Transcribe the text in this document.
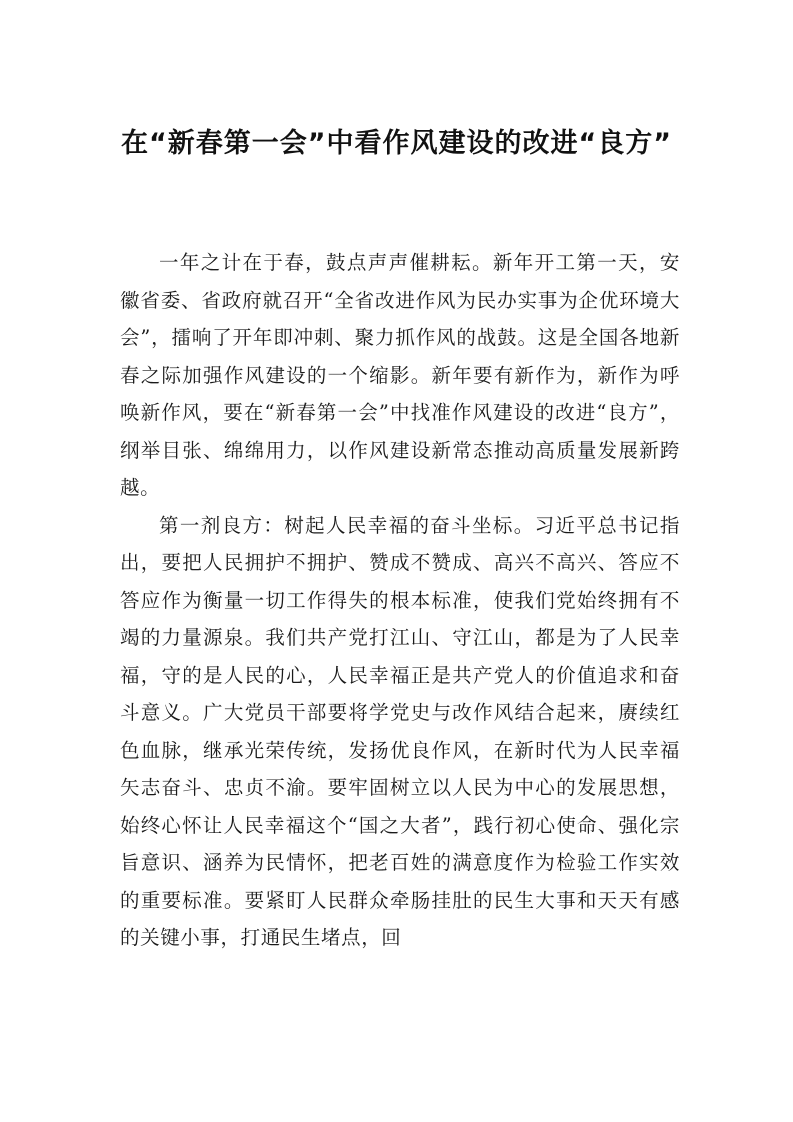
在“新春第一会”中看作风建设的改进“良方”

一年之计在于春，鼓点声声催耕耘。新年开工第一天，安徽省委、省政府就召开“全省改进作风为民办实事为企优环境大会”，擂响了开年即冲刺、聚力抓作风的战鼓。这是全国各地新春之际加强作风建设的一个缩影。新年要有新作为，新作为呼唤新作风，要在“新春第一会”中找准作风建设的改进“良方”，纲举目张、绵绵用力，以作风建设新常态推动高质量发展新跨越。

第一剂良方：树起人民幸福的奋斗坐标。习近平总书记指出，要把人民拥护不拥护、赞成不赞成、高兴不高兴、答应不答应作为衡量一切工作得失的根本标准，使我们党始终拥有不竭的力量源泉。我们共产党打江山、守江山，都是为了人民幸福，守的是人民的心，人民幸福正是共产党人的价值追求和奋斗意义。广大党员干部要将学党史与改作风结合起来，赓续红色血脉，继承光荣传统，发扬优良作风，在新时代为人民幸福矢志奋斗、忠贞不渝。要牢固树立以人民为中心的发展思想，始终心怀让人民幸福这个“国之大者”，践行初心使命、强化宗旨意识、涵养为民情怀，把老百姓的满意度作为检验工作实效的重要标准。要紧盯人民群众牵肠挂肚的民生大事和天天有感的关键小事，打通民生堵点，回
